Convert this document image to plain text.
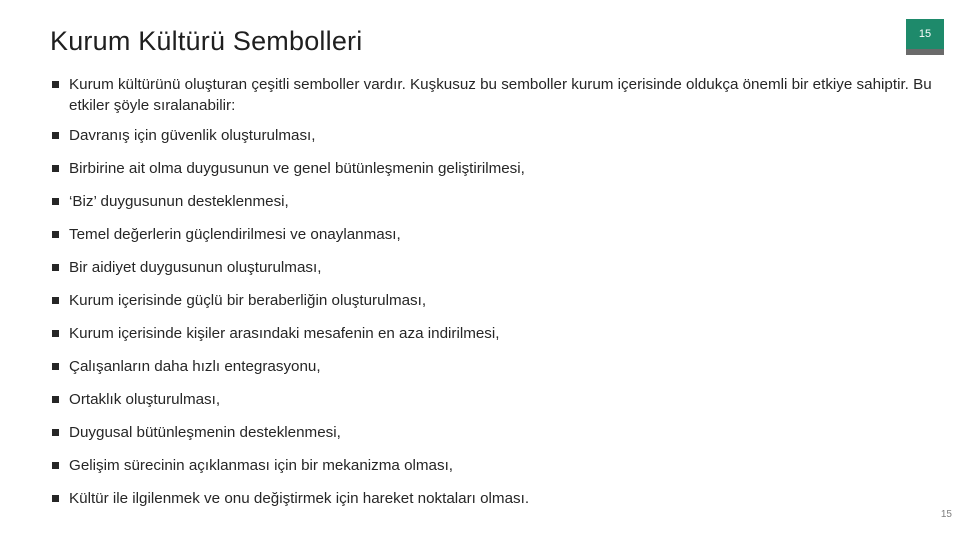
Kurum Kültürü Sembolleri	15
Kurum kültürünü oluşturan çeşitli semboller vardır. Kuşkusuz bu semboller kurum içerisinde oldukça önemli bir etkiye sahiptir. Bu etkiler şöyle sıralanabilir:
Davranış için güvenlik oluşturulması,
Birbirine ait olma duygusunun ve genel bütünleşmenin geliştirilmesi,
‘Biz’ duygusunun desteklenmesi,
Temel değerlerin güçlendirilmesi ve onaylanması,
Bir aidiyet duygusunun oluşturulması,
Kurum içerisinde güçlü bir beraberliğin oluşturulması,
Kurum içerisinde kişiler arasındaki mesafenin en aza indirilmesi,
Çalışanların daha hızlı entegrasyonu,
Ortaklık oluşturulması,
Duygusal bütünleşmenin desteklenmesi,
Gelişim sürecinin açıklanması için bir mekanizma olması,
Kültür ile ilgilenmek ve onu değiştirmek için hareket noktaları olması.
15
